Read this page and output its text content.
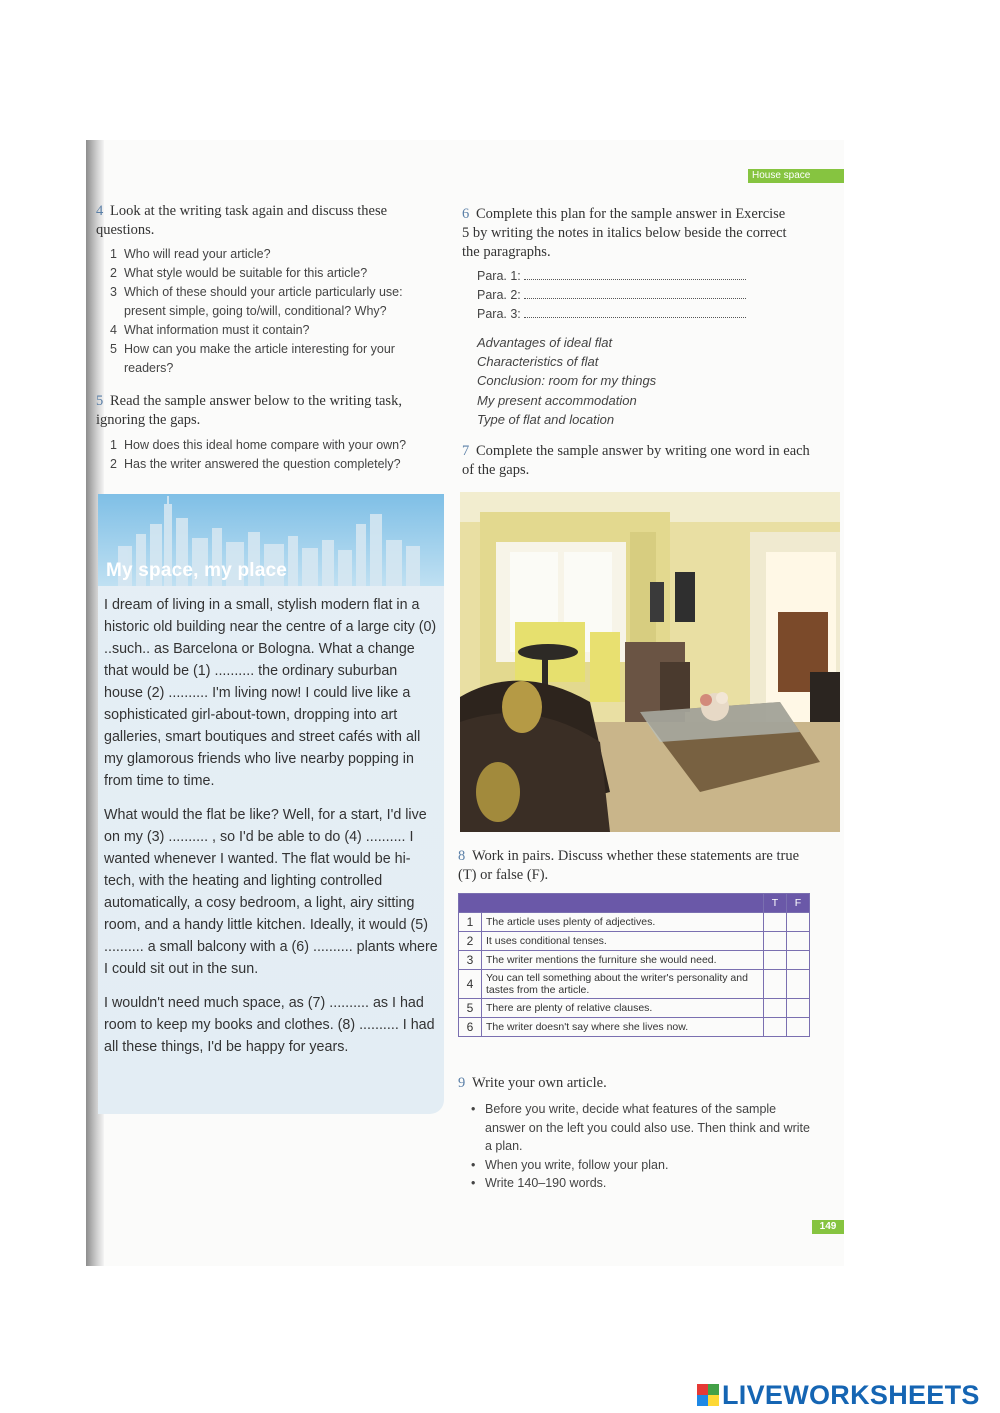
House space
4 Look at the writing task again and discuss these questions.
1 Who will read your article?
2 What style would be suitable for this article?
3 Which of these should your article particularly use: present simple, going to/will, conditional? Why?
4 What information must it contain?
5 How can you make the article interesting for your readers?
5 Read the sample answer below to the writing task, ignoring the gaps.
1 How does this ideal home compare with your own?
2 Has the writer answered the question completely?
My space, my place

I dream of living in a small, stylish modern flat in a historic old building near the centre of a large city (0) ..such.. as Barcelona or Bologna. What a change that would be (1) .......... the ordinary suburban house (2) .......... I'm living now! I could live like a sophisticated girl-about-town, dropping into art galleries, smart boutiques and street cafés with all my glamorous friends who live nearby popping in from time to time.

What would the flat be like? Well, for a start, I'd live on my (3) .......... , so I'd be able to do (4) .......... I wanted whenever I wanted. The flat would be hi-tech, with the heating and lighting controlled automatically, a cosy bedroom, a light, airy sitting room, and a handy little kitchen. Ideally, it would (5) .......... a small balcony with a (6) .......... plants where I could sit out in the sun.

I wouldn't need much space, as (7) .......... as I had room to keep my books and clothes. (8) .......... I had all these things, I'd be happy for years.

6 Complete this plan for the sample answer in Exercise 5 by writing the notes in italics below beside the correct the paragraphs.
Para. 1:
Para. 2:
Para. 3:
Advantages of ideal flat
Characteristics of flat
Conclusion: room for my things
My present accommodation
Type of flat and location
7 Complete the sample answer by writing one word in each of the gaps.
8 Work in pairs. Discuss whether these statements are true (T) or false (F).
		T	F
1	The article uses plenty of adjectives.		
2	It uses conditional tenses.		
3	The writer mentions the furniture she would need.		
4	You can tell something about the writer's personality and tastes from the article.		
5	There are plenty of relative clauses.		
6	The writer doesn't say where she lives now.		
9 Write your own article.
• Before you write, decide what features of the sample answer on the left you could also use. Then think and write a plan.
• When you write, follow your plan.
• Write 140–190 words.
149
LIVEWORKSHEETS
